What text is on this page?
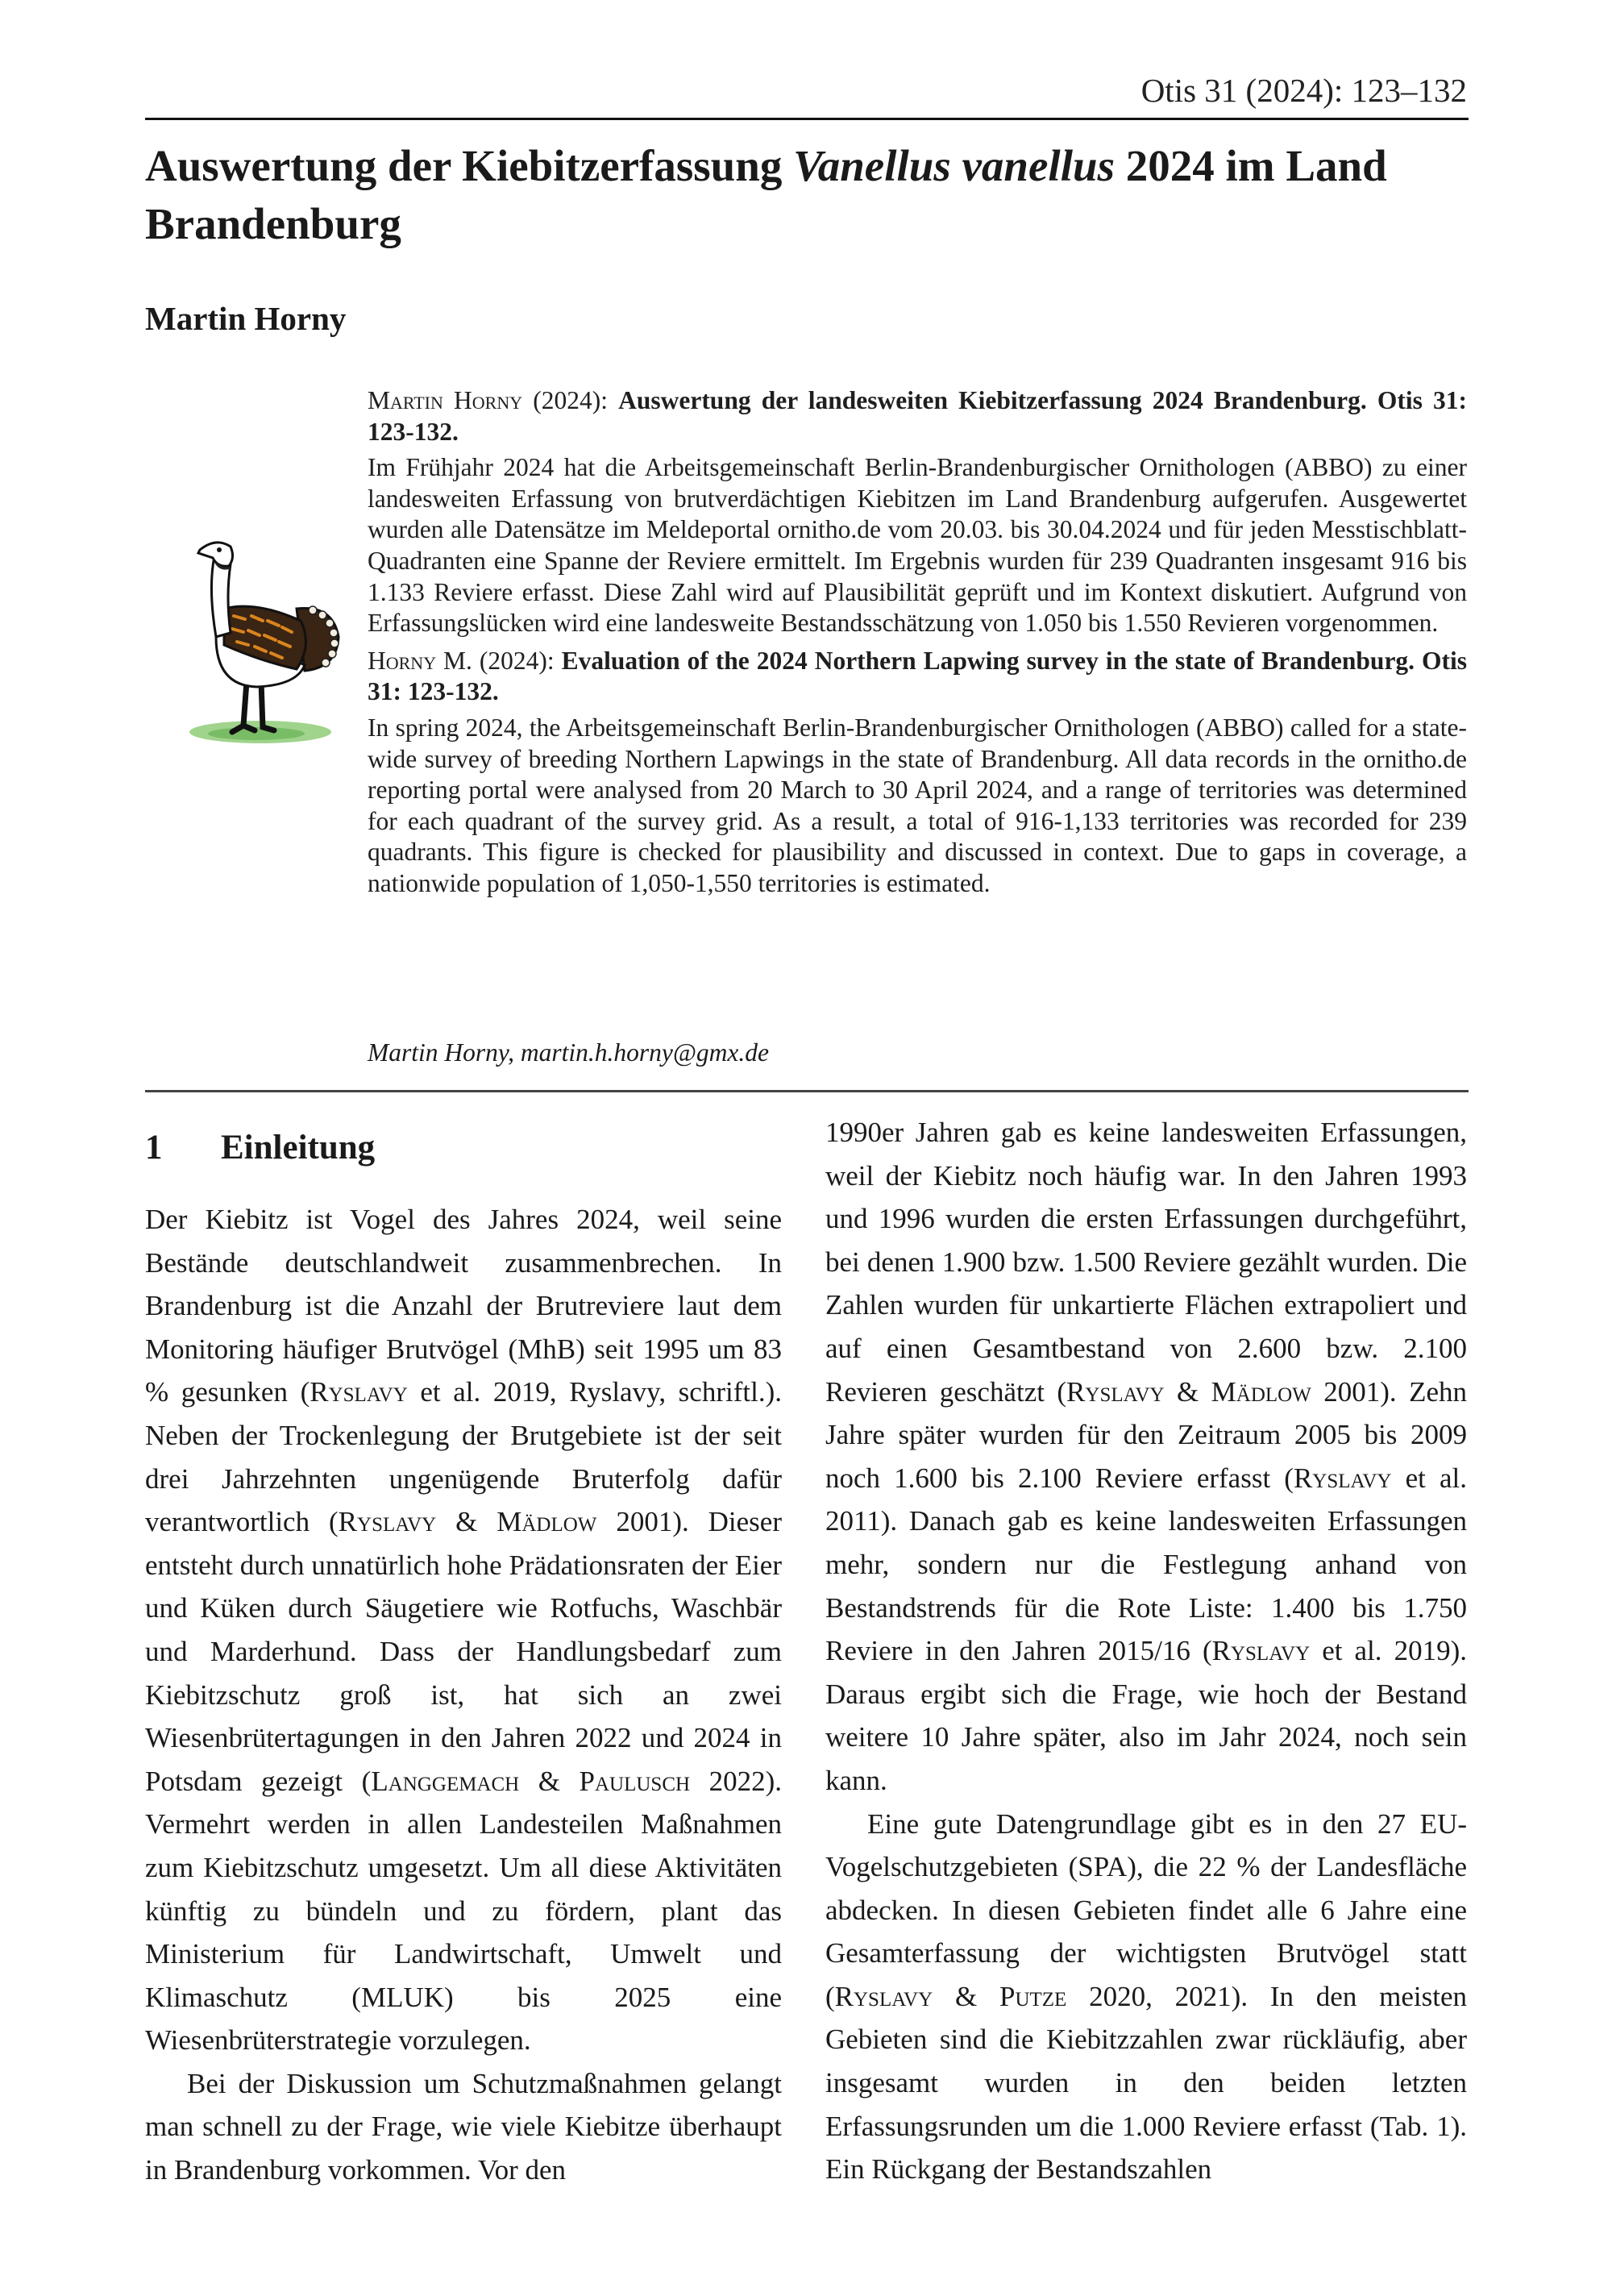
Otis 31 (2024): 123–132
Auswertung der Kiebitzerfassung Vanellus vanellus 2024 im Land Brandenburg
Martin Horny

Martin Horny (2024): Auswertung der landesweiten Kiebitzerfassung 2024 Brandenburg. Otis 31: 123-132.

Im Frühjahr 2024 hat die Arbeitsgemeinschaft Berlin-Brandenburgischer Ornithologen (ABBO) zu einer landesweiten Erfassung von brutverdächtigen Kiebitzen im Land Brandenburg aufgerufen. Ausgewertet wurden alle Datensätze im Meldeportal ornitho.de vom 20.03. bis 30.04.2024 und für jeden Messtischblatt-Quadranten eine Spanne der Reviere ermittelt. Im Ergebnis wurden für 239 Quadranten insgesamt 916 bis 1.133 Reviere erfasst. Diese Zahl wird auf Plausibilität geprüft und im Kontext diskutiert. Aufgrund von Erfassungslücken wird eine landesweite Bestandsschätzung von 1.050 bis 1.550 Revieren vorgenommen.

Horny M. (2024): Evaluation of the 2024 Northern Lapwing survey in the state of Brandenburg. Otis 31: 123-132.

In spring 2024, the Arbeitsgemeinschaft Berlin-Brandenburgischer Ornithologen (ABBO) called for a state-wide survey of breeding Northern Lapwings in the state of Brandenburg. All data records in the ornitho.de reporting portal were analysed from 20 March to 30 April 2024, and a range of territories was determined for each quadrant of the survey grid. As a result, a total of 916-1,133 territories was recorded for 239 quadrants. This figure is checked for plausibility and discussed in context. Due to gaps in coverage, a nationwide population of 1,050-1,550 territories is estimated.

Martin Horny, martin.h.horny@gmx.de
1 Einleitung

Der Kiebitz ist Vogel des Jahres 2024, weil seine Bestände deutschlandweit zusammenbrechen. In Brandenburg ist die Anzahl der Brutreviere laut dem Monitoring häufiger Brutvögel (MhB) seit 1995 um 83 % gesunken (Ryslavy et al. 2019, Ryslavy, schriftl.). Neben der Trockenlegung der Brutgebiete ist der seit drei Jahrzehnten ungenügende Bruterfolg dafür verantwortlich (Ryslavy & Mädlow 2001). Dieser entsteht durch unnatürlich hohe Prädationsraten der Eier und Küken durch Säugetiere wie Rotfuchs, Waschbär und Marderhund. Dass der Handlungsbedarf zum Kiebitzschutz groß ist, hat sich an zwei Wiesenbrütertagungen in den Jahren 2022 und 2024 in Potsdam gezeigt (Langgemach & Paulusch 2022). Vermehrt werden in allen Landesteilen Maßnahmen zum Kiebitzschutz umgesetzt. Um all diese Aktivitäten künftig zu bündeln und zu fördern, plant das Ministerium für Landwirtschaft, Umwelt und Klimaschutz (MLUK) bis 2025 eine Wiesenbrüterstrategie vorzulegen.

Bei der Diskussion um Schutzmaßnahmen gelangt man schnell zu der Frage, wie viele Kiebitze überhaupt in Brandenburg vorkommen. Vor den

1990er Jahren gab es keine landesweiten Erfassungen, weil der Kiebitz noch häufig war. In den Jahren 1993 und 1996 wurden die ersten Erfassungen durchgeführt, bei denen 1.900 bzw. 1.500 Reviere gezählt wurden. Die Zahlen wurden für unkartierte Flächen extrapoliert und auf einen Gesamtbestand von 2.600 bzw. 2.100 Revieren geschätzt (Ryslavy & Mädlow 2001). Zehn Jahre später wurden für den Zeitraum 2005 bis 2009 noch 1.600 bis 2.100 Reviere erfasst (Ryslavy et al. 2011). Danach gab es keine landesweiten Erfassungen mehr, sondern nur die Festlegung anhand von Bestandstrends für die Rote Liste: 1.400 bis 1.750 Reviere in den Jahren 2015/16 (Ryslavy et al. 2019). Daraus ergibt sich die Frage, wie hoch der Bestand weitere 10 Jahre später, also im Jahr 2024, noch sein kann.

Eine gute Datengrundlage gibt es in den 27 EU-Vogelschutzgebieten (SPA), die 22 % der Landesfläche abdecken. In diesen Gebieten findet alle 6 Jahre eine Gesamterfassung der wichtigsten Brutvögel statt (Ryslavy & Putze 2020, 2021). In den meisten Gebieten sind die Kiebitzzahlen zwar rückläufig, aber insgesamt wurden in den beiden letzten Erfassungsrunden um die 1.000 Reviere erfasst (Tab. 1). Ein Rückgang der Bestandszahlen
